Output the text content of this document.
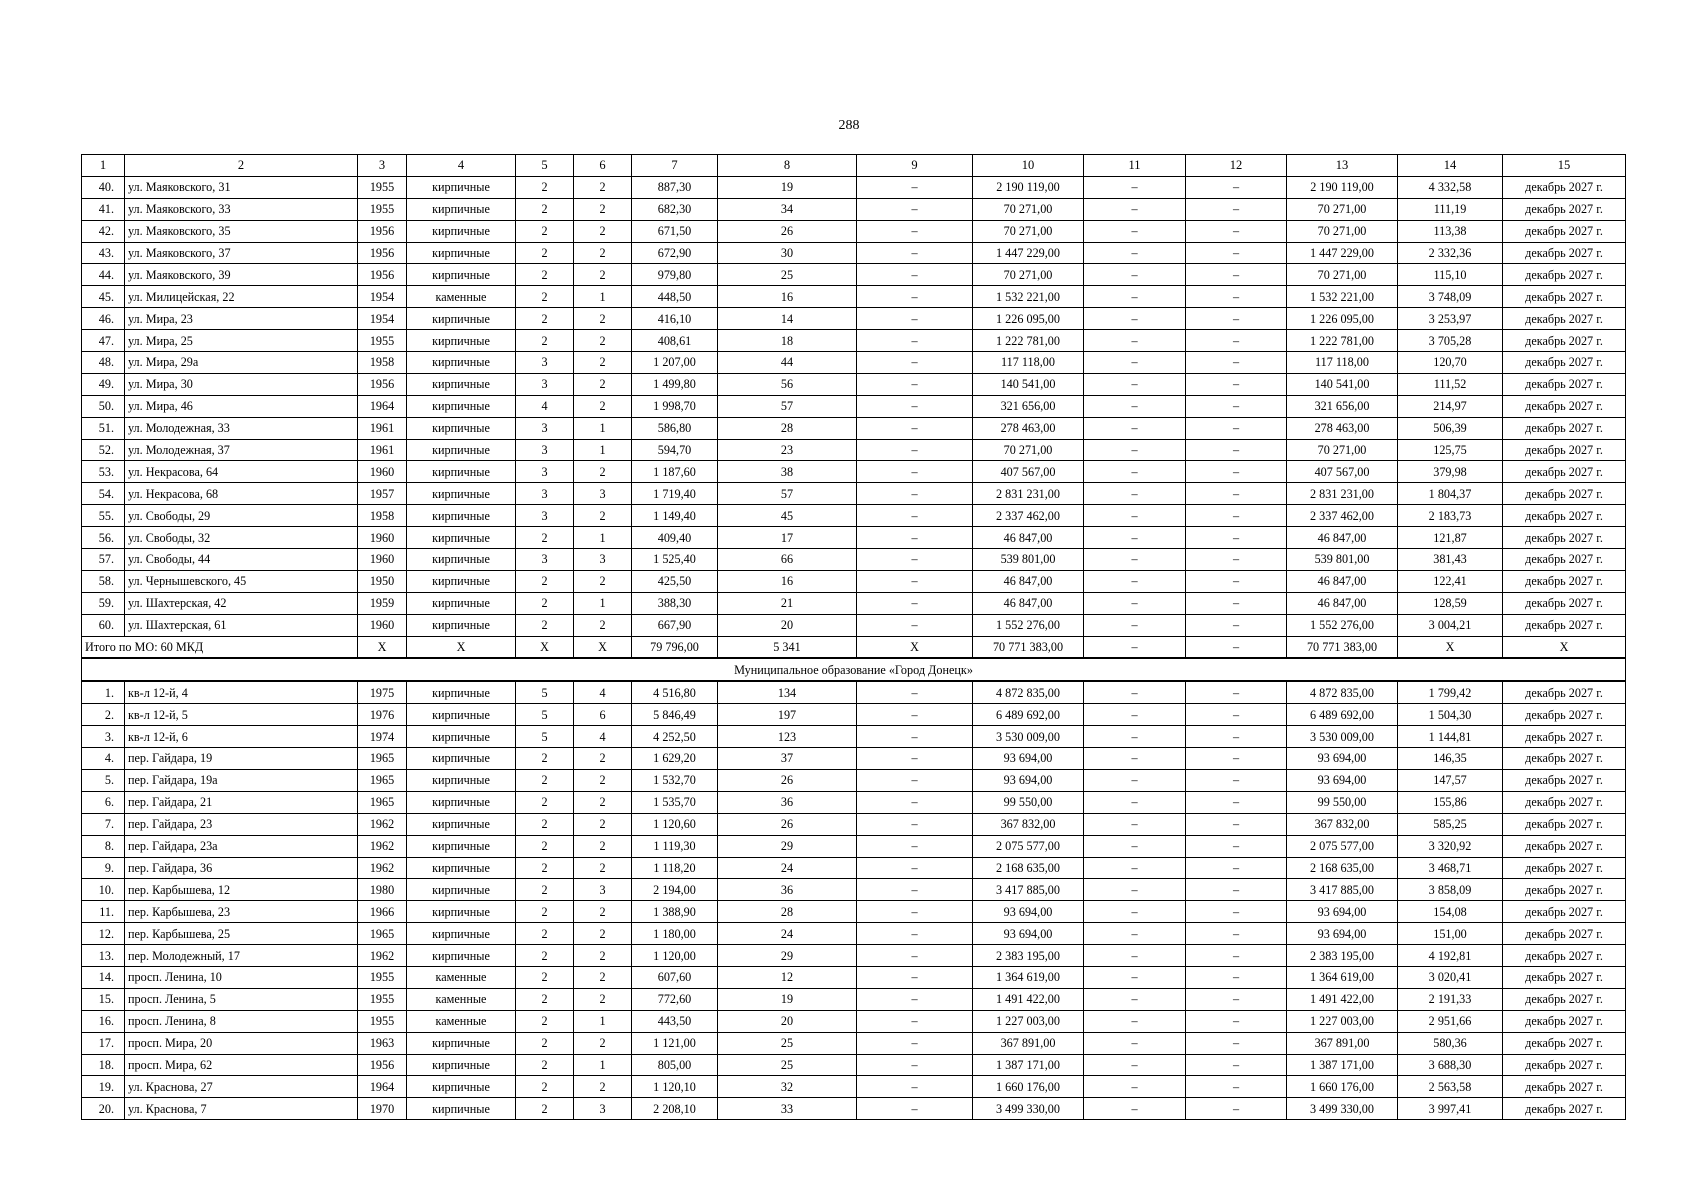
288
1	2	3	4	5	6	7	8	9	10	11	12	13	14	15
40.	ул. Маяковского, 31	1955	кирпичные	2	2	887,30	19	–	2 190 119,00	–	–	2 190 119,00	4 332,58	декабрь 2027 г.
41.	ул. Маяковского, 33	1955	кирпичные	2	2	682,30	34	–	70 271,00	–	–	70 271,00	111,19	декабрь 2027 г.
42.	ул. Маяковского, 35	1956	кирпичные	2	2	671,50	26	–	70 271,00	–	–	70 271,00	113,38	декабрь 2027 г.
43.	ул. Маяковского, 37	1956	кирпичные	2	2	672,90	30	–	1 447 229,00	–	–	1 447 229,00	2 332,36	декабрь 2027 г.
44.	ул. Маяковского, 39	1956	кирпичные	2	2	979,80	25	–	70 271,00	–	–	70 271,00	115,10	декабрь 2027 г.
45.	ул. Милицейская, 22	1954	каменные	2	1	448,50	16	–	1 532 221,00	–	–	1 532 221,00	3 748,09	декабрь 2027 г.
46.	ул. Мира, 23	1954	кирпичные	2	2	416,10	14	–	1 226 095,00	–	–	1 226 095,00	3 253,97	декабрь 2027 г.
47.	ул. Мира, 25	1955	кирпичные	2	2	408,61	18	–	1 222 781,00	–	–	1 222 781,00	3 705,28	декабрь 2027 г.
48.	ул. Мира, 29а	1958	кирпичные	3	2	1 207,00	44	–	117 118,00	–	–	117 118,00	120,70	декабрь 2027 г.
49.	ул. Мира, 30	1956	кирпичные	3	2	1 499,80	56	–	140 541,00	–	–	140 541,00	111,52	декабрь 2027 г.
50.	ул. Мира, 46	1964	кирпичные	4	2	1 998,70	57	–	321 656,00	–	–	321 656,00	214,97	декабрь 2027 г.
51.	ул. Молодежная, 33	1961	кирпичные	3	1	586,80	28	–	278 463,00	–	–	278 463,00	506,39	декабрь 2027 г.
52.	ул. Молодежная, 37	1961	кирпичные	3	1	594,70	23	–	70 271,00	–	–	70 271,00	125,75	декабрь 2027 г.
53.	ул. Некрасова, 64	1960	кирпичные	3	2	1 187,60	38	–	407 567,00	–	–	407 567,00	379,98	декабрь 2027 г.
54.	ул. Некрасова, 68	1957	кирпичные	3	3	1 719,40	57	–	2 831 231,00	–	–	2 831 231,00	1 804,37	декабрь 2027 г.
55.	ул. Свободы, 29	1958	кирпичные	3	2	1 149,40	45	–	2 337 462,00	–	–	2 337 462,00	2 183,73	декабрь 2027 г.
56.	ул. Свободы, 32	1960	кирпичные	2	1	409,40	17	–	46 847,00	–	–	46 847,00	121,87	декабрь 2027 г.
57.	ул. Свободы, 44	1960	кирпичные	3	3	1 525,40	66	–	539 801,00	–	–	539 801,00	381,43	декабрь 2027 г.
58.	ул. Чернышевского, 45	1950	кирпичные	2	2	425,50	16	–	46 847,00	–	–	46 847,00	122,41	декабрь 2027 г.
59.	ул. Шахтерская, 42	1959	кирпичные	2	1	388,30	21	–	46 847,00	–	–	46 847,00	128,59	декабрь 2027 г.
60.	ул. Шахтерская, 61	1960	кирпичные	2	2	667,90	20	–	1 552 276,00	–	–	1 552 276,00	3 004,21	декабрь 2027 г.
Итого по МО: 60 МКД		X	X	X	X	79 796,00	5 341	X	70 771 383,00	–	–	70 771 383,00	X	X
Муниципальное образование «Город Донецк»														
1.	кв-л 12-й, 4	1975	кирпичные	5	4	4 516,80	134	–	4 872 835,00	–	–	4 872 835,00	1 799,42	декабрь 2027 г.
2.	кв-л 12-й, 5	1976	кирпичные	5	6	5 846,49	197	–	6 489 692,00	–	–	6 489 692,00	1 504,30	декабрь 2027 г.
3.	кв-л 12-й, 6	1974	кирпичные	5	4	4 252,50	123	–	3 530 009,00	–	–	3 530 009,00	1 144,81	декабрь 2027 г.
4.	пер. Гайдара, 19	1965	кирпичные	2	2	1 629,20	37	–	93 694,00	–	–	93 694,00	146,35	декабрь 2027 г.
5.	пер. Гайдара, 19а	1965	кирпичные	2	2	1 532,70	26	–	93 694,00	–	–	93 694,00	147,57	декабрь 2027 г.
6.	пер. Гайдара, 21	1965	кирпичные	2	2	1 535,70	36	–	99 550,00	–	–	99 550,00	155,86	декабрь 2027 г.
7.	пер. Гайдара, 23	1962	кирпичные	2	2	1 120,60	26	–	367 832,00	–	–	367 832,00	585,25	декабрь 2027 г.
8.	пер. Гайдара, 23а	1962	кирпичные	2	2	1 119,30	29	–	2 075 577,00	–	–	2 075 577,00	3 320,92	декабрь 2027 г.
9.	пер. Гайдара, 36	1962	кирпичные	2	2	1 118,20	24	–	2 168 635,00	–	–	2 168 635,00	3 468,71	декабрь 2027 г.
10.	пер. Карбышева, 12	1980	кирпичные	2	3	2 194,00	36	–	3 417 885,00	–	–	3 417 885,00	3 858,09	декабрь 2027 г.
11.	пер. Карбышева, 23	1966	кирпичные	2	2	1 388,90	28	–	93 694,00	–	–	93 694,00	154,08	декабрь 2027 г.
12.	пер. Карбышева, 25	1965	кирпичные	2	2	1 180,00	24	–	93 694,00	–	–	93 694,00	151,00	декабрь 2027 г.
13.	пер. Молодежный, 17	1962	кирпичные	2	2	1 120,00	29	–	2 383 195,00	–	–	2 383 195,00	4 192,81	декабрь 2027 г.
14.	просп. Ленина, 10	1955	каменные	2	2	607,60	12	–	1 364 619,00	–	–	1 364 619,00	3 020,41	декабрь 2027 г.
15.	просп. Ленина, 5	1955	каменные	2	2	772,60	19	–	1 491 422,00	–	–	1 491 422,00	2 191,33	декабрь 2027 г.
16.	просп. Ленина, 8	1955	каменные	2	1	443,50	20	–	1 227 003,00	–	–	1 227 003,00	2 951,66	декабрь 2027 г.
17.	просп. Мира, 20	1963	кирпичные	2	2	1 121,00	25	–	367 891,00	–	–	367 891,00	580,36	декабрь 2027 г.
18.	просп. Мира, 62	1956	кирпичные	2	1	805,00	25	–	1 387 171,00	–	–	1 387 171,00	3 688,30	декабрь 2027 г.
19.	ул. Краснова, 27	1964	кирпичные	2	2	1 120,10	32	–	1 660 176,00	–	–	1 660 176,00	2 563,58	декабрь 2027 г.
20.	ул. Краснова, 7	1970	кирпичные	2	3	2 208,10	33	–	3 499 330,00	–	–	3 499 330,00	3 997,41	декабрь 2027 г.
